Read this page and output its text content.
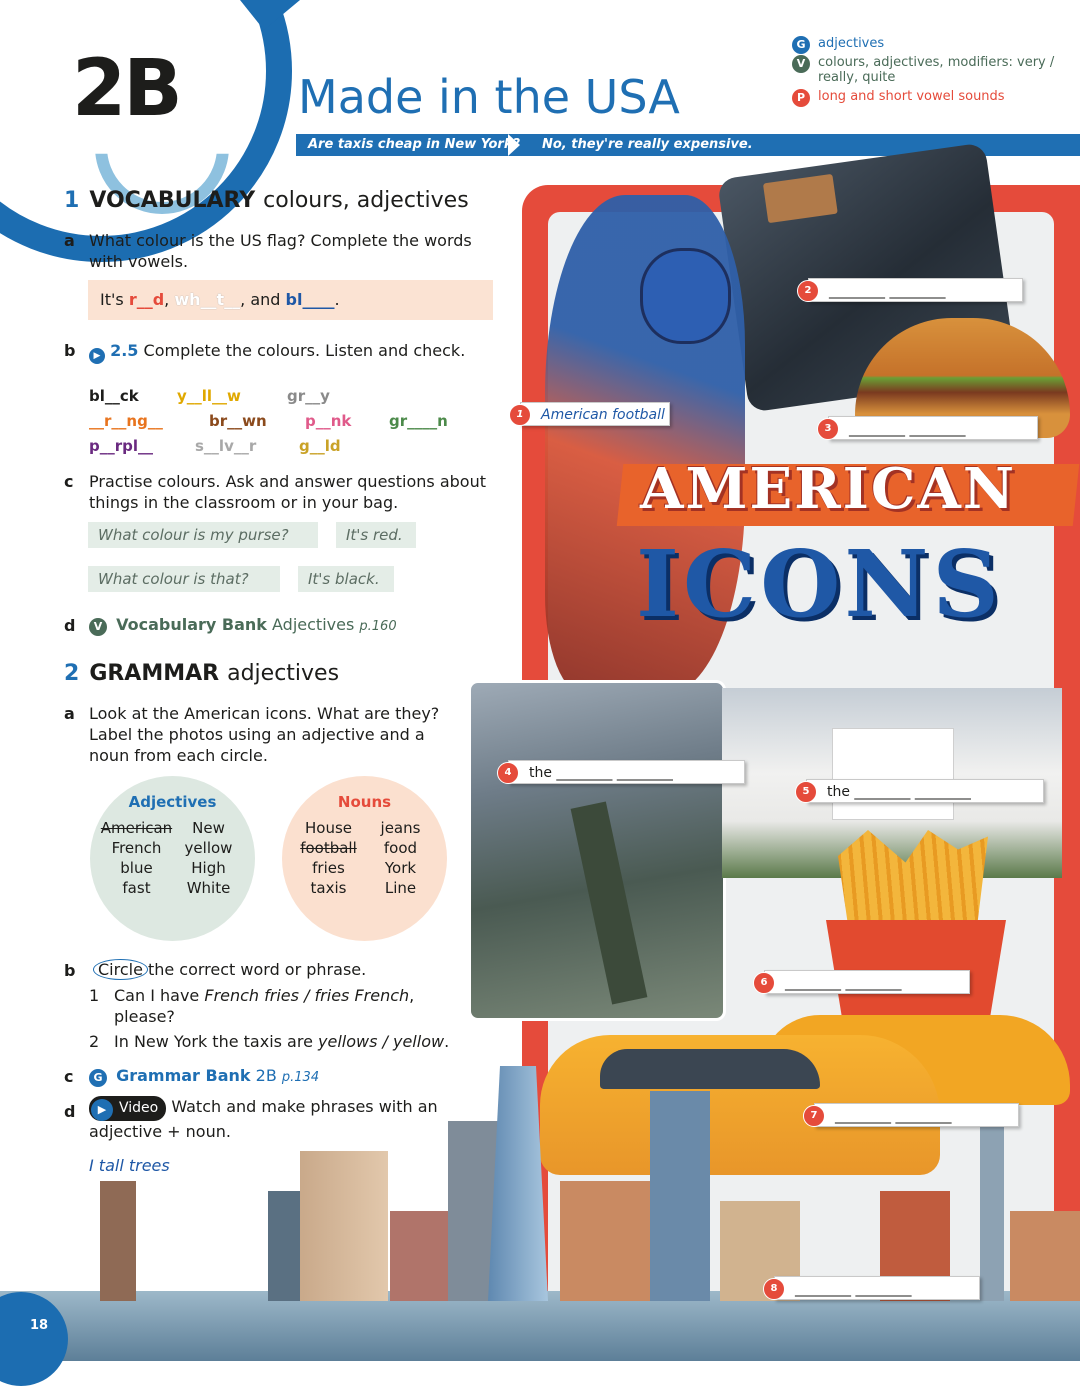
2B	Made in the USA
Are taxis cheap in New York?	No, they're really expensive.
G adjectives
V colours, adjectives, modifiers: very / really, quite
P long and short vowel sounds
1 VOCABULARY colours, adjectives
a What colour is the US flag? Complete the words with vowels.
It's r__d, wh__t__, and bl____.
b	▶ 2.5 Complete the colours. Listen and check.
bl__ck	y__ll__w	gr__y
__r__ng__	br__wn	p__nk	gr____n
p__rpl__	s__lv__r	g__ld
c Practise colours. Ask and answer questions about things in the classroom or in your bag.
What colour is my purse?	It's red.
What colour is that?	It's black.
d	V Vocabulary Bank Adjectives p.160
2 GRAMMAR adjectives
a Look at the American icons. What are they? Label the photos using an adjective and a noun from each circle.
Adjectives
American New
French yellow
blue	High
fast White
Nouns
House jeans
football food
fries	York
taxis	Line
b	Circle the correct word or phrase.
1 Can I have French fries / fries French, please?
2 In New York the taxis are yellows / yellow.
c	G Grammar Bank 2B p.134
d	▶ Video Watch and make phrases with an adjective + noun.
I tall trees
AMERICAN
ICONS
1	American football
2	________ ________
3	________ ________
4	the ________ ________
5	the ________ ________
6	________ ________
7	________ ________
8	________ ________
18
